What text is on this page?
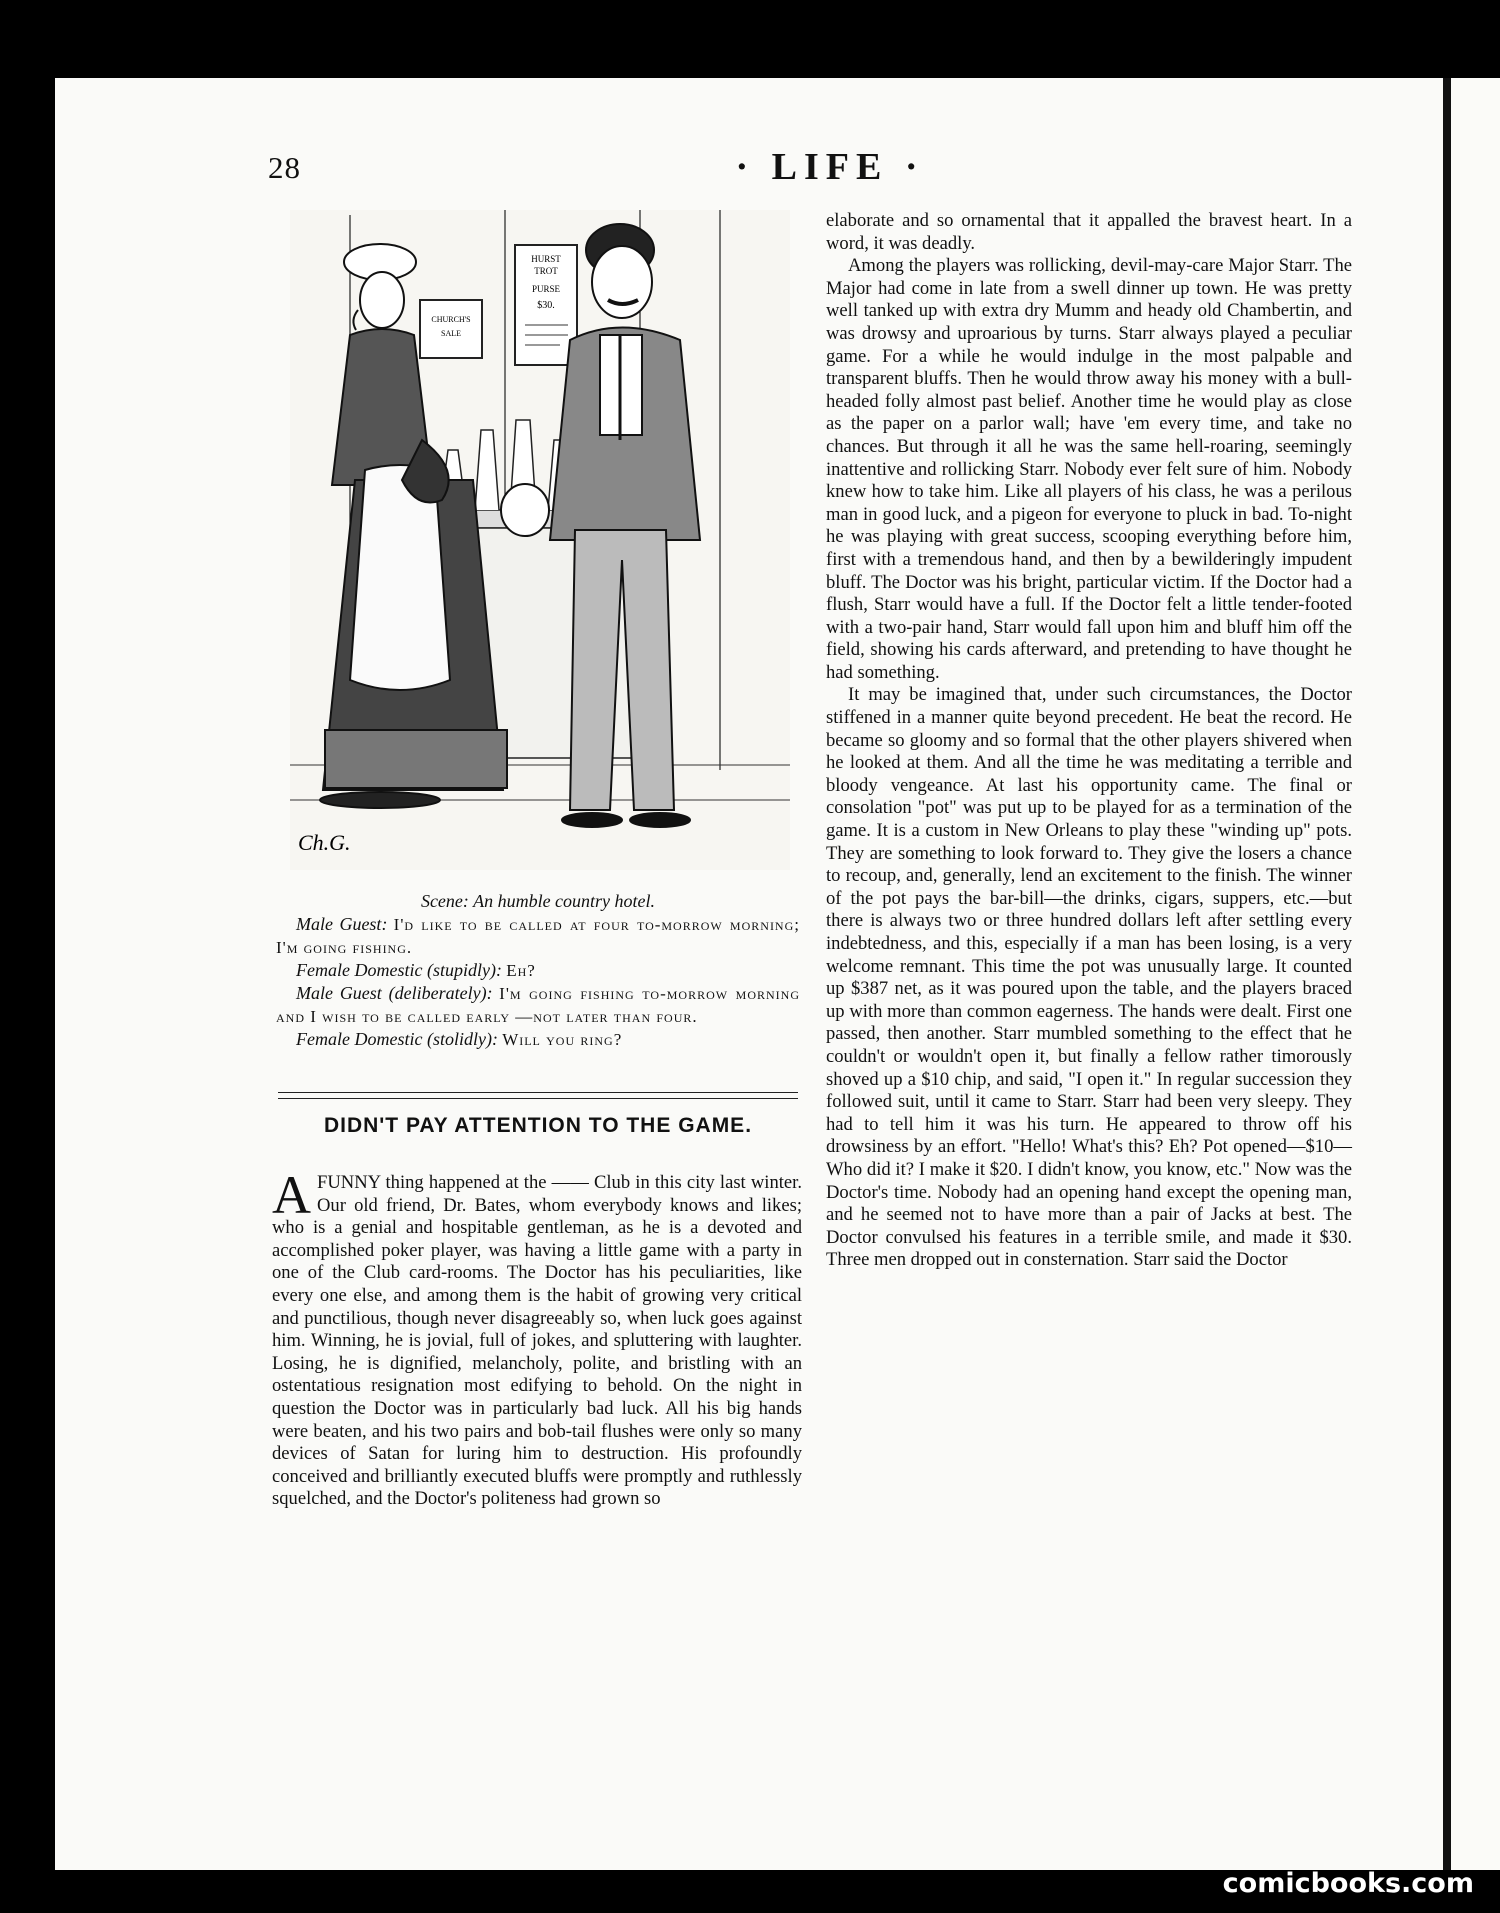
28	· LIFE ·
HURST
TROT
PURSE
$30.
CHURCH'S
SALE
Ch.G.

Scene: An humble country hotel.

Male Guest: I'd like to be called at four to-morrow morning; I'm going fishing.

Female Domestic (stupidly): Eh?

Male Guest (deliberately): I'm going fishing to-morrow morning and I wish to be called early —not later than four.

Female Domestic (stolidly): Will you ring?

DIDN'T PAY ATTENTION TO THE GAME.

AFUNNY thing happened at the —— Club in this city last winter. Our old friend, Dr. Bates, whom everybody knows and likes; who is a genial and hospitable gentleman, as he is a devoted and accomplished poker player, was having a little game with a party in one of the Club card-rooms. The Doctor has his peculiarities, like every one else, and among them is the habit of growing very critical and punctilious, though never disagreeably so, when luck goes against him. Winning, he is jovial, full of jokes, and spluttering with laughter. Losing, he is dignified, melancholy, polite, and bristling with an ostentatious resignation most edifying to behold. On the night in question the Doctor was in particularly bad luck. All his big hands were beaten, and his two pairs and bob-tail flushes were only so many devices of Satan for luring him to destruction. His profoundly conceived and brilliantly executed bluffs were promptly and ruthlessly squelched, and the Doctor's politeness had grown so

elaborate and so ornamental that it appalled the bravest heart. In a word, it was deadly.

Among the players was rollicking, devil-may-care Major Starr. The Major had come in late from a swell dinner up town. He was pretty well tanked up with extra dry Mumm and heady old Chambertin, and was drowsy and uproarious by turns. Starr always played a peculiar game. For a while he would indulge in the most palpable and transparent bluffs. Then he would throw away his money with a bull-headed folly almost past belief. Another time he would play as close as the paper on a parlor wall; have 'em every time, and take no chances. But through it all he was the same hell-roaring, seemingly inattentive and rollicking Starr. Nobody ever felt sure of him. Nobody knew how to take him. Like all players of his class, he was a perilous man in good luck, and a pigeon for everyone to pluck in bad. To-night he was playing with great success, scooping everything before him, first with a tremendous hand, and then by a bewilderingly impudent bluff. The Doctor was his bright, particular victim. If the Doctor had a flush, Starr would have a full. If the Doctor felt a little tender-footed with a two-pair hand, Starr would fall upon him and bluff him off the field, showing his cards afterward, and pretending to have thought he had something.

It may be imagined that, under such circumstances, the Doctor stiffened in a manner quite beyond precedent. He beat the record. He became so gloomy and so formal that the other players shivered when he looked at them. And all the time he was meditating a terrible and bloody vengeance. At last his opportunity came. The final or consolation "pot" was put up to be played for as a termination of the game. It is a custom in New Orleans to play these "winding up" pots. They are something to look forward to. They give the losers a chance to recoup, and, generally, lend an excitement to the finish. The winner of the pot pays the bar-bill—the drinks, cigars, suppers, etc.—but there is always two or three hundred dollars left after settling every indebtedness, and this, especially if a man has been losing, is a very welcome remnant. This time the pot was unusually large. It counted up $387 net, as it was poured upon the table, and the players braced up with more than common eagerness. The hands were dealt. First one passed, then another. Starr mumbled something to the effect that he couldn't or wouldn't open it, but finally a fellow rather timorously shoved up a $10 chip, and said, "I open it." In regular succession they followed suit, until it came to Starr. Starr had been very sleepy. They had to tell him it was his turn. He appeared to throw off his drowsiness by an effort. "Hello! What's this? Eh? Pot opened—$10—Who did it? I make it $20. I didn't know, you know, etc." Now was the Doctor's time. Nobody had an opening hand except the opening man, and he seemed not to have more than a pair of Jacks at best. The Doctor convulsed his features in a terrible smile, and made it $30. Three men dropped out in consternation. Starr said the Doctor

comicbooks.com
